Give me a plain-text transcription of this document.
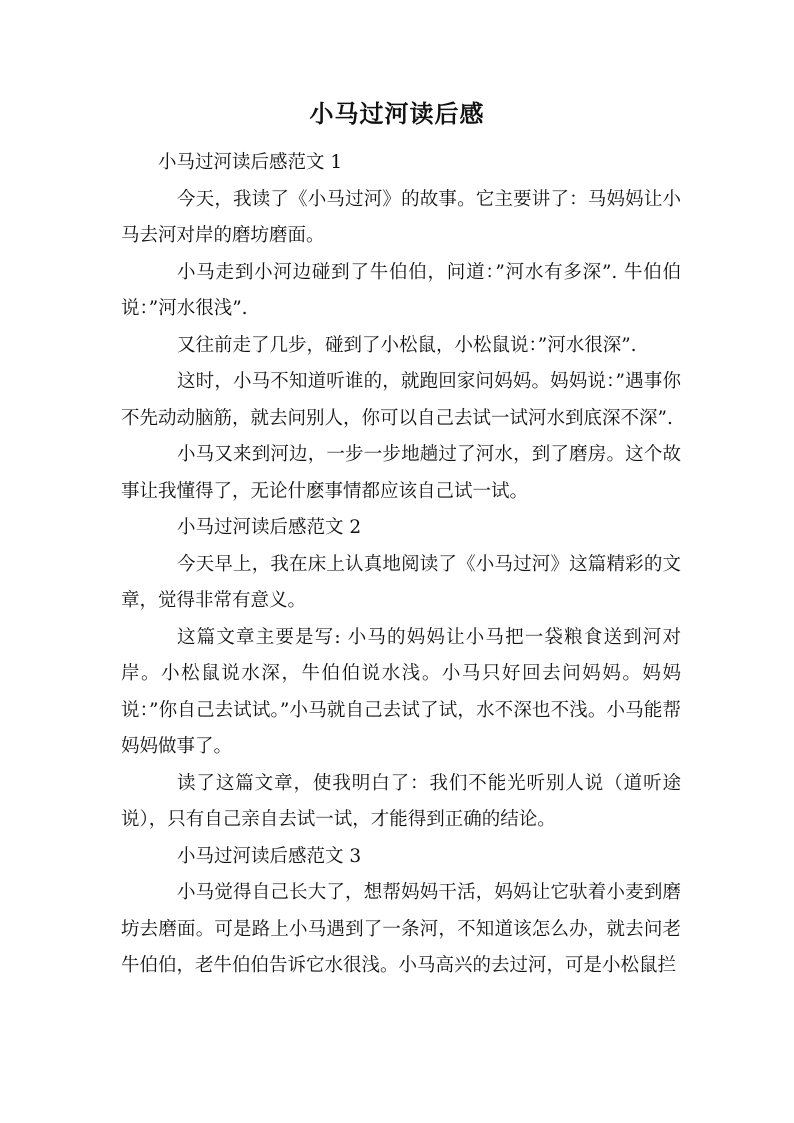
小马过河读后感

小马过河读后感范文 1

今天，我读了《小马过河》的故事。它主要讲了：马妈妈让小马去河对岸的磨坊磨面。

小马走到小河边碰到了牛伯伯，问道：”河水有多深”. 牛伯伯说：”河水很浅”.

又往前走了几步，碰到了小松鼠，小松鼠说：”河水很深”.

这时，小马不知道听谁的，就跑回家问妈妈。妈妈说：”遇事你不先动动脑筋，就去问别人，你可以自己去试一试河水到底深不深”.

小马又来到河边，一步一步地趟过了河水，到了磨房。这个故事让我懂得了，无论什麽事情都应该自己试一试。

小马过河读后感范文 2

今天早上，我在床上认真地阅读了《小马过河》这篇精彩的文章，觉得非常有意义。

这篇文章主要是写: 小马的妈妈让小马把一袋粮食送到河对岸。小松鼠说水深，牛伯伯说水浅。小马只好回去问妈妈。妈妈说：”你自己去试试。”小马就自己去试了试，水不深也不浅。小马能帮妈妈做事了。

读了这篇文章，使我明白了：我们不能光听别人说（道听途说），只有自己亲自去试一试，才能得到正确的结论。

小马过河读后感范文 3

小马觉得自己长大了，想帮妈妈干活，妈妈让它驮着小麦到磨坊去磨面。可是路上小马遇到了一条河，不知道该怎么办，就去问老牛伯伯，老牛伯伯告诉它水很浅。小马高兴的去过河，可是小松鼠拦
